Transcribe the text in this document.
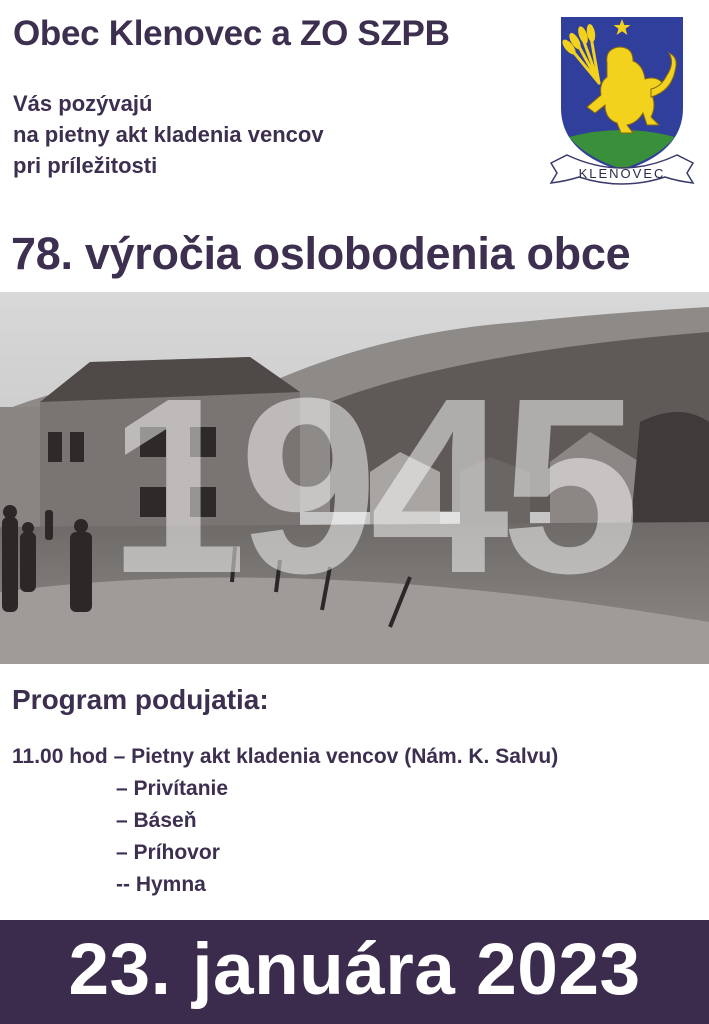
Obec Klenovec a ZO SZPB
Vás pozývajú
na pietny akt kladenia vencov
pri príležitosti	KLENOVEC
78. výročia oslobodenia obce
1945
Program podujatia:
11.00 hod – Pietny akt kladenia vencov (Nám. K. Salvu)
– Privítanie
– Báseň
– Príhovor
-- Hymna
23. januára 2023
